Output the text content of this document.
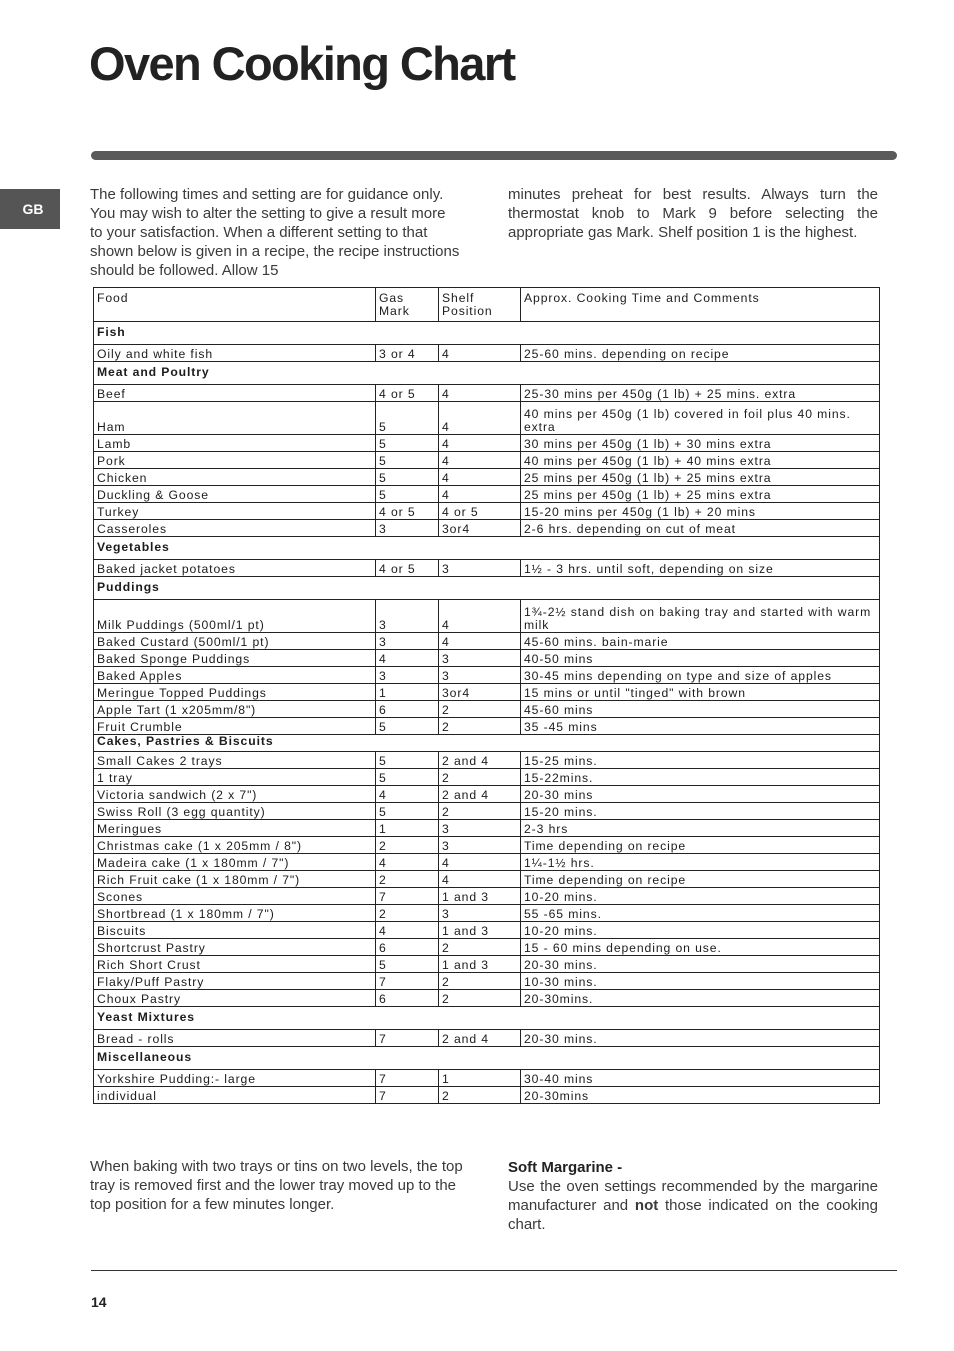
Oven Cooking Chart
GB

The following times and setting are for guidance only. You may wish to alter the setting to give a result more to your satisfaction. When a different setting to that shown below is given in a recipe, the recipe instructions should be followed. Allow 15

minutes preheat for best results. Always turn the thermostat knob to Mark 9 before selecting the appropriate gas Mark. Shelf position 1 is the highest.

Food	Gas Mark	Shelf Position	Approx. Cooking Time and Comments
Fish			
Oily and white fish	3 or 4	4	25-60 mins. depending on recipe
Meat and Poultry			
Beef	4 or 5	4	25-30 mins per 450g (1 lb) + 25 mins. extra
Ham	5	4	40 mins per 450g (1 lb) covered in foil plus 40 mins. extra
Lamb	5	4	30 mins per 450g (1 lb) + 30 mins extra
Pork	5	4	40 mins per 450g (1 lb) + 40 mins extra
Chicken	5	4	25 mins per 450g (1 lb) + 25 mins extra
Duckling & Goose	5	4	25 mins per 450g (1 lb) + 25 mins extra
Turkey	4 or 5	4 or 5	15-20 mins per 450g (1 lb) + 20 mins
Casseroles	3	3or4	2-6 hrs. depending on cut of meat
Vegetables			
Baked jacket potatoes	4 or 5	3	1½ - 3 hrs. until soft, depending on size
Puddings			
Milk Puddings (500ml/1 pt)	3	4	1¾-2½ stand dish on baking tray and started with warm milk
Baked Custard (500ml/1 pt)	3	4	45-60 mins. bain-marie
Baked Sponge Puddings	4	3	40-50 mins
Baked Apples	3	3	30-45 mins depending on type and size of apples
Meringue Topped Puddings	1	3or4	15 mins or until "tinged" with brown
Apple Tart (1 x205mm/8")	6	2	45-60 mins
Fruit Crumble	5	2	35 -45 mins
Cakes, Pastries & Biscuits			
Small Cakes 2 trays	5	2 and 4	15-25 mins.
1 tray	5	2	15-22mins.
Victoria sandwich (2 x 7")	4	2 and 4	20-30 mins
Swiss Roll (3 egg quantity)	5	2	15-20 mins.
Meringues	1	3	2-3 hrs
Christmas cake (1 x 205mm / 8")	2	3	Time depending on recipe
Madeira cake (1 x 180mm / 7")	4	4	1¼-1½ hrs.
Rich Fruit cake (1 x 180mm / 7")	2	4	Time depending on recipe
Scones	7	1 and 3	10-20 mins.
Shortbread (1 x 180mm / 7")	2	3	55 -65 mins.
Biscuits	4	1 and 3	10-20 mins.
Shortcrust Pastry	6	2	15 - 60 mins depending on use.
Rich Short Crust	5	1 and 3	20-30 mins.
Flaky/Puff Pastry	7	2	10-30 mins.
Choux Pastry	6	2	20-30mins.
Yeast Mixtures			
Bread - rolls	7	2 and 4	20-30 mins.
Miscellaneous			
Yorkshire Pudding:- large	7	1	30-40 mins
individual	7	2	20-30mins

When baking with two trays or tins on two levels, the top tray is removed first and the lower tray moved up to the top position for a few minutes longer.

Soft Margarine -
Use the oven settings recommended by the margarine manufacturer and not those indicated on the cooking chart.

14
